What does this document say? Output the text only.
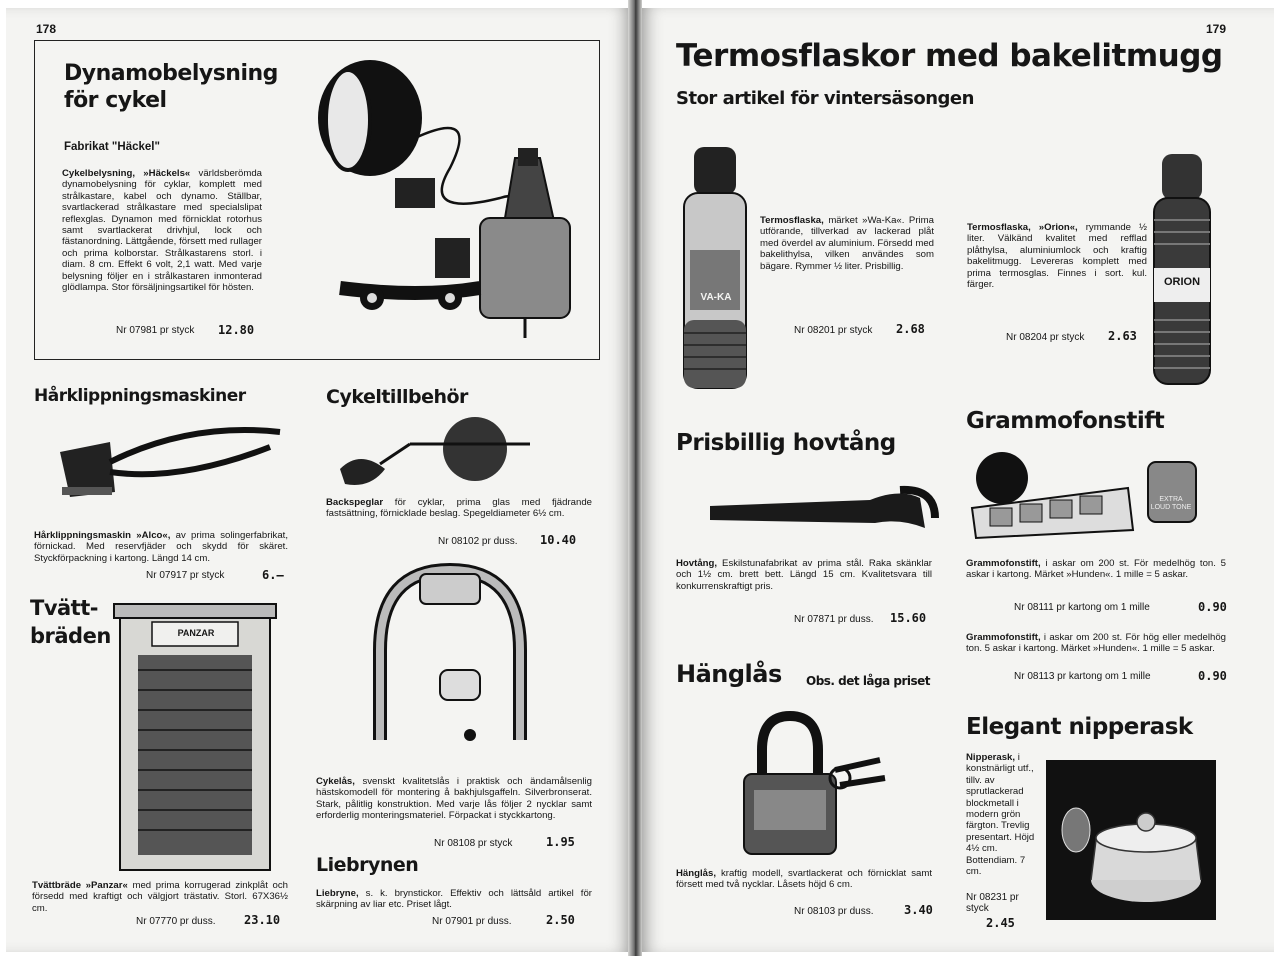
178
Dynamobelysning
för cykel
Fabrikat "Häckel"
Cykelbelysning, »Häckels« världsberömda dynamobelysning för cyklar, komplett med strålkastare, kabel och dynamo. Ställbar, svartlackerad strålkastare med specialslipat reflexglas. Dynamon med förnicklat rotorhus samt svartlackerat drivhjul, lock och fästanordning. Lättgående, försett med rullager och prima kolborstar. Strålkastarens storl. i diam. 8 cm. Effekt 6 volt, 2,1 watt. Med varje belysning följer en i strålkastaren inmonterad glödlampa. Stor försäljningsartikel för hösten.
Nr 07981 pr styck 12.80
Hårklippningsmaskiner
Hårklippningsmaskin »Alco«, av prima solingerfabrikat, förnickad. Med reservfjäder och skydd för skäret. Styckförpackning i kartong. Längd 14 cm.
Nr 07917 pr styck	6.—
Tvätt-
bräden	PANZAR
Tvättbräde »Panzar« med prima korrugerad zinkplåt och försedd med kraftigt och välgjort trästativ. Storl. 67X36½ cm.
Nr 07770 pr duss. 23.10
Cykeltillbehör
Backspeglar för cyklar, prima glas med fjädrande fastsättning, förnicklade beslag. Spegeldiameter 6½ cm.
Nr 08102 pr duss. 10.40
Cykelås, svenskt kvalitetslås i praktisk och ändamålsenlig hästskomodell för montering å bakhjulsgaffeln. Silverbronserat. Stark, pålitlig konstruktion. Med varje lås följer 2 nycklar samt erforderlig monteringsmateriel. Förpackat i styckkartong.
Nr 08108 pr styck	1.95
Liebrynen
Liebryne, s. k. brynstickor. Effektiv och lättsåld artikel för skärpning av liar etc. Priset lågt.
Nr 07901 pr duss.	2.50
179
Termosflaskor med bakelitmugg
Stor artikel för vintersäsongen
VA-KA
Termosflaska, märket »Wa-Ka«. Prima utförande, tillverkad av lackerad plåt med överdel av aluminium. Försedd med bakelithylsa, vilken användes som bägare. Rymmer ½ liter. Prisbillig.
Nr 08201 pr styck 2.68
Termosflaska, »Orion«, rymmande ½ liter. Välkänd kvalitet med refflad plåthylsa, aluminiumlock och kraftig bakelitmugg. Levereras komplett med prima termosglas. Finnes i sort. kul. färger.
Nr 08204 pr styck 2.63
ORION
Prisbillig hovtång
Hovtång, Eskilstunafabrikat av prima stål. Raka skänklar och 1½ cm. brett bett. Längd 15 cm. Kvalitetsvara till konkurrenskraftigt pris.
Nr 07871 pr duss. 15.60
Hänglås Obs. det låga priset
Hänglås, kraftig modell, svartlackerat och förnicklat samt försett med två nycklar. Låsets höjd 6 cm.
Nr 08103 pr duss.	3.40
Grammofonstift
EXTRA LOUD TONE
Grammofonstift, i askar om 200 st. För medelhög ton. 5 askar i kartong. Märket »Hunden«. 1 mille = 5 askar.
Nr 08111 pr kartong om 1 mille	0.90
Grammofonstift, i askar om 200 st. För hög eller medelhög ton. 5 askar i kartong. Märket »Hunden«. 1 mille = 5 askar.
Nr 08113 pr kartong om 1 mille	0.90
Elegant nipperask
Nipperask, i konstnärligt utf., tillv. av sprutlackerad blockmetall i modern grön färgton. Trevlig presentart. Höjd 4½ cm. Bottendiam. 7 cm.
Nr 08231 pr styck
2.45
